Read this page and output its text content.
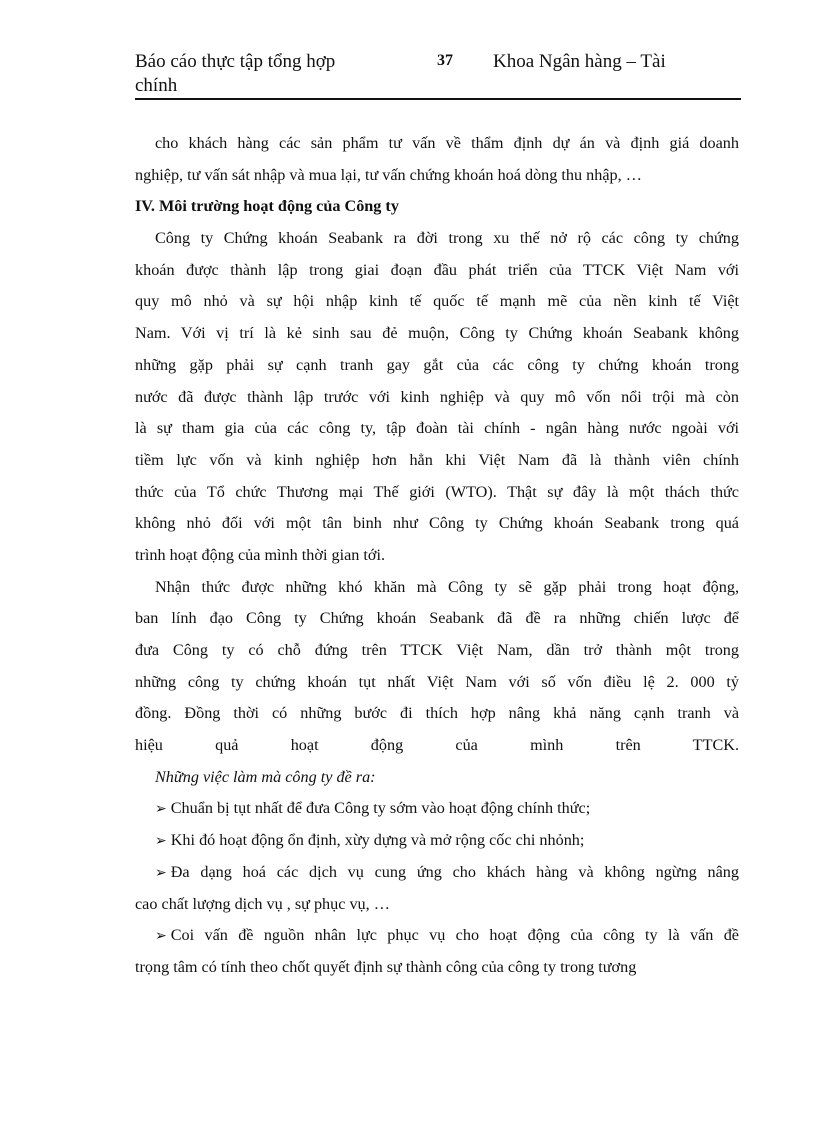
Báo cáo thực tập tổng hợp
chính
37 Khoa Ngân hàng – Tài
cho khách hàng các sản phẩm tư vấn về thẩm định dự án và định giá doanh
nghiệp, tư vấn sát nhập và mua lại, tư vấn chứng khoán hoá dòng thu nhập, …
IV. Môi trường hoạt động của Công ty
Công ty Chứng khoán Seabank ra đời trong xu thế nở rộ các công ty chứng
khoán được thành lập trong giai đoạn đầu phát triển của TTCK Việt Nam với
quy mô nhỏ và sự hội nhập kinh tế quốc tế mạnh mẽ của nền kinh tế Việt
Nam. Với vị trí là kẻ sinh sau đẻ muộn, Công ty Chứng khoán Seabank không
những gặp phải sự cạnh tranh gay gắt của các công ty chứng khoán trong
nước đã được thành lập trước với kinh nghiệp và quy mô vốn nổi trội mà còn
là sự tham gia của các công ty, tập đoàn tài chính - ngân hàng nước ngoài với
tiềm lực vốn và kinh nghiệp hơn hẳn khi Việt Nam đã là thành viên chính
thức của Tổ chức Thương mại Thế giới (WTO). Thật sự đây là một thách thức
không nhỏ đối với một tân binh như Công ty Chứng khoán Seabank trong quá
trình hoạt động của mình thời gian tới.
Nhận thức được những khó khăn mà Công ty sẽ gặp phải trong hoạt động,
ban lính đạo Công ty Chứng khoán Seabank đã đề ra những chiến lược để
đưa Công ty có chỗ đứng trên TTCK Việt Nam, dần trở thành một trong
những công ty chứng khoán tụt nhất Việt Nam với số vốn điều lệ 2. 000 tỷ
đồng. Đồng thời có những bước đi thích hợp nâng khả năng cạnh tranh và
hiệu quả hoạt động của mình trên TTCK.
Những việc làm mà công ty đề ra:
➢ Chuẩn bị tụt nhất để đưa Công ty sớm vào hoạt động chính thức;
➢ Khi đó hoạt động ổn định, xừy dựng và mở rộng cốc chi nhỏnh;
➢ Đa dạng hoá các dịch vụ cung ứng cho khách hàng và không ngừng nâng
cao chất lượng dịch vụ , sự phục vụ, …
➢ Coi vấn đề nguồn nhân lực phục vụ cho hoạt động của công ty là vấn đề
trọng tâm có tính theo chốt quyết định sự thành công của công ty trong tương
